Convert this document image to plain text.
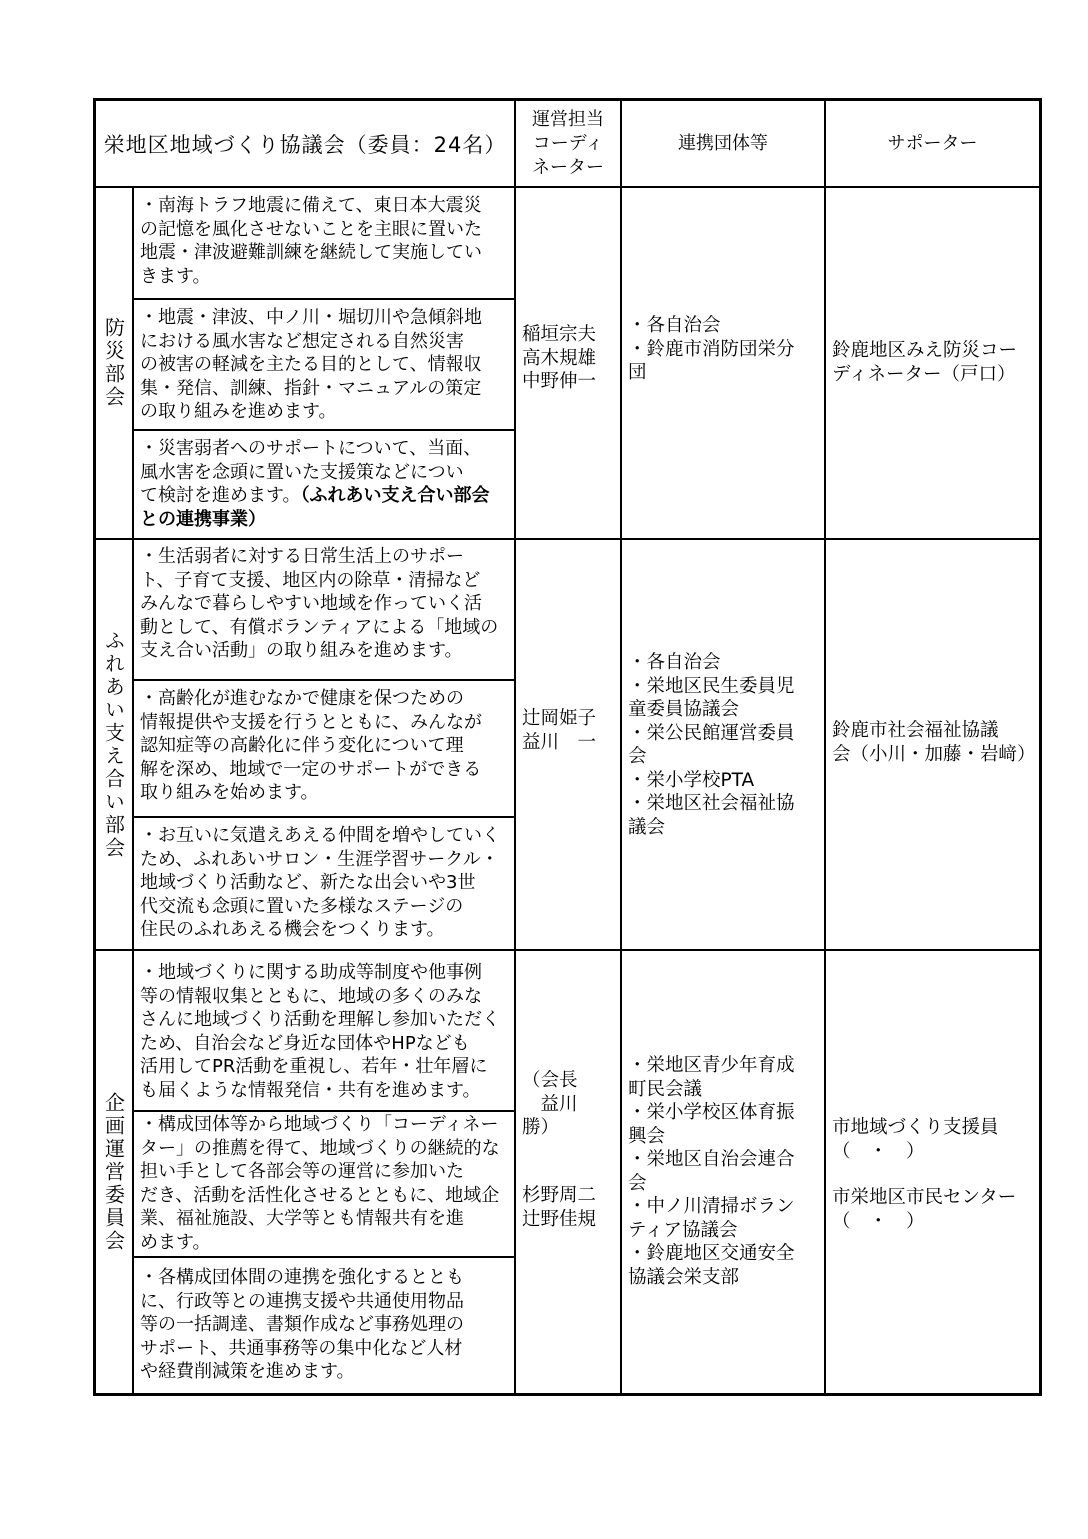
栄地区地域づくり協議会（委員：24名）
運営担当
コーディ
ネーター
連携団体等	サポーター
防災部会
・南海トラフ地震に備えて、東日本大震災
の記憶を風化させないことを主眼に置いた
地震・津波避難訓練を継続して実施してい
きます。
・地震・津波、中ノ川・堀切川や急傾斜地
における風水害など想定される自然災害
の被害の軽減を主たる目的として、情報収
集・発信、訓練、指針・マニュアルの策定
の取り組みを進めます。
・災害弱者へのサポートについて、当面、
風水害を念頭に置いた支援策などについ
て検討を進めます。（ふれあい支え合い部会
との連携事業）
稲垣宗夫
高木規雄
中野伸一
・各自治会
・鈴鹿市消防団栄分
団
鈴鹿地区みえ防災コー
ディネーター（戸口）
ふれあい支え合い部会
・生活弱者に対する日常生活上のサポー
ト、子育て支援、地区内の除草・清掃など
みんなで暮らしやすい地域を作っていく活
動として、有償ボランティアによる「地域の
支え合い活動」の取り組みを進めます。
・高齢化が進むなかで健康を保つための
情報提供や支援を行うとともに、みんなが
認知症等の高齢化に伴う変化について理
解を深め、地域で一定のサポートができる
取り組みを始めます。
・お互いに気遣えあえる仲間を増やしていく
ため、ふれあいサロン・生涯学習サークル・
地域づくり活動など、新たな出会いや3世
代交流も念頭に置いた多様なステージの
住民のふれあえる機会をつくります。
辻岡姫子
益川　一
・各自治会
・栄地区民生委員児
童委員協議会
・栄公民館運営委員
会
・栄小学校PTA
・栄地区社会福祉協
議会
鈴鹿市社会福祉協議
会（小川・加藤・岩﨑）
企画運営委員会
・地域づくりに関する助成等制度や他事例
等の情報収集とともに、地域の多くのみな
さんに地域づくり活動を理解し参加いただく
ため、自治会など身近な団体やHPなども
活用してPR活動を重視し、若年・壮年層に
も届くような情報発信・共有を進めます。
・構成団体等から地域づくり「コーディネー
ター」の推薦を得て、地域づくりの継続的な
担い手として各部会等の運営に参加いた
だき、活動を活性化させるとともに、地域企
業、福祉施設、大学等とも情報共有を進
めます。
・各構成団体間の連携を強化するととも
に、行政等との連携支援や共通使用物品
等の一括調達、書類作成など事務処理の
サポート、共通事務等の集中化など人材
や経費削減策を進めます。
（会長
　益川
勝）
杉野周二
辻野佳規
・栄地区青少年育成
町民会議
・栄小学校区体育振
興会
・栄地区自治会連合
会
・中ノ川清掃ボラン
ティア協議会
・鈴鹿地区交通安全
協議会栄支部
市地域づくり支援員
（　・　）
市栄地区市民センター
（　・　）
